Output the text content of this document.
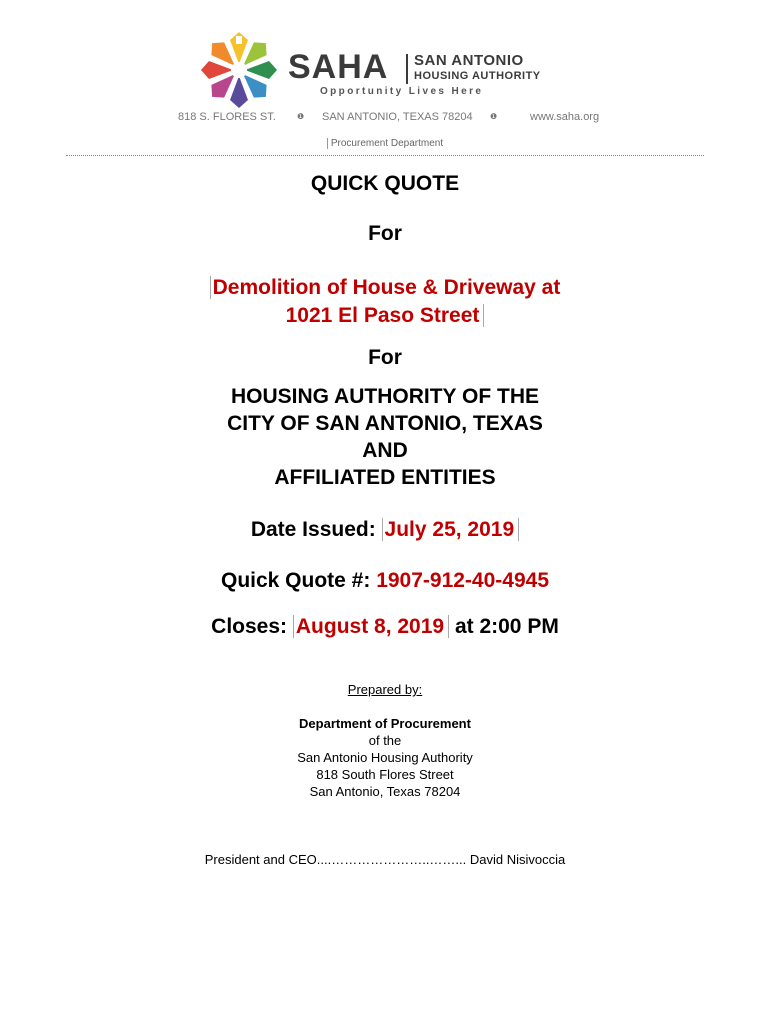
SAHA SAN ANTONIO
HOUSING AUTHORITY
Opportunity Lives Here
818 S. FLORES ST.	❶ SAN ANTONIO, TEXAS 78204 ❶	www.saha.org
Procurement Department
QUICK QUOTE
For
Demolition of House & Driveway at
1021 El Paso Street
For
HOUSING AUTHORITY OF THE
CITY OF SAN ANTONIO, TEXAS
AND
AFFILIATED ENTITIES
Date Issued: July 25, 2019
Quick Quote #: 1907-912-40-4945
Closes: August 8, 2019 at 2:00 PM
Prepared by:
Department of Procurement
of the
San Antonio Housing Authority
818 South Flores Street
San Antonio, Texas 78204
President and CEO....…………………..……... David Nisivoccia
